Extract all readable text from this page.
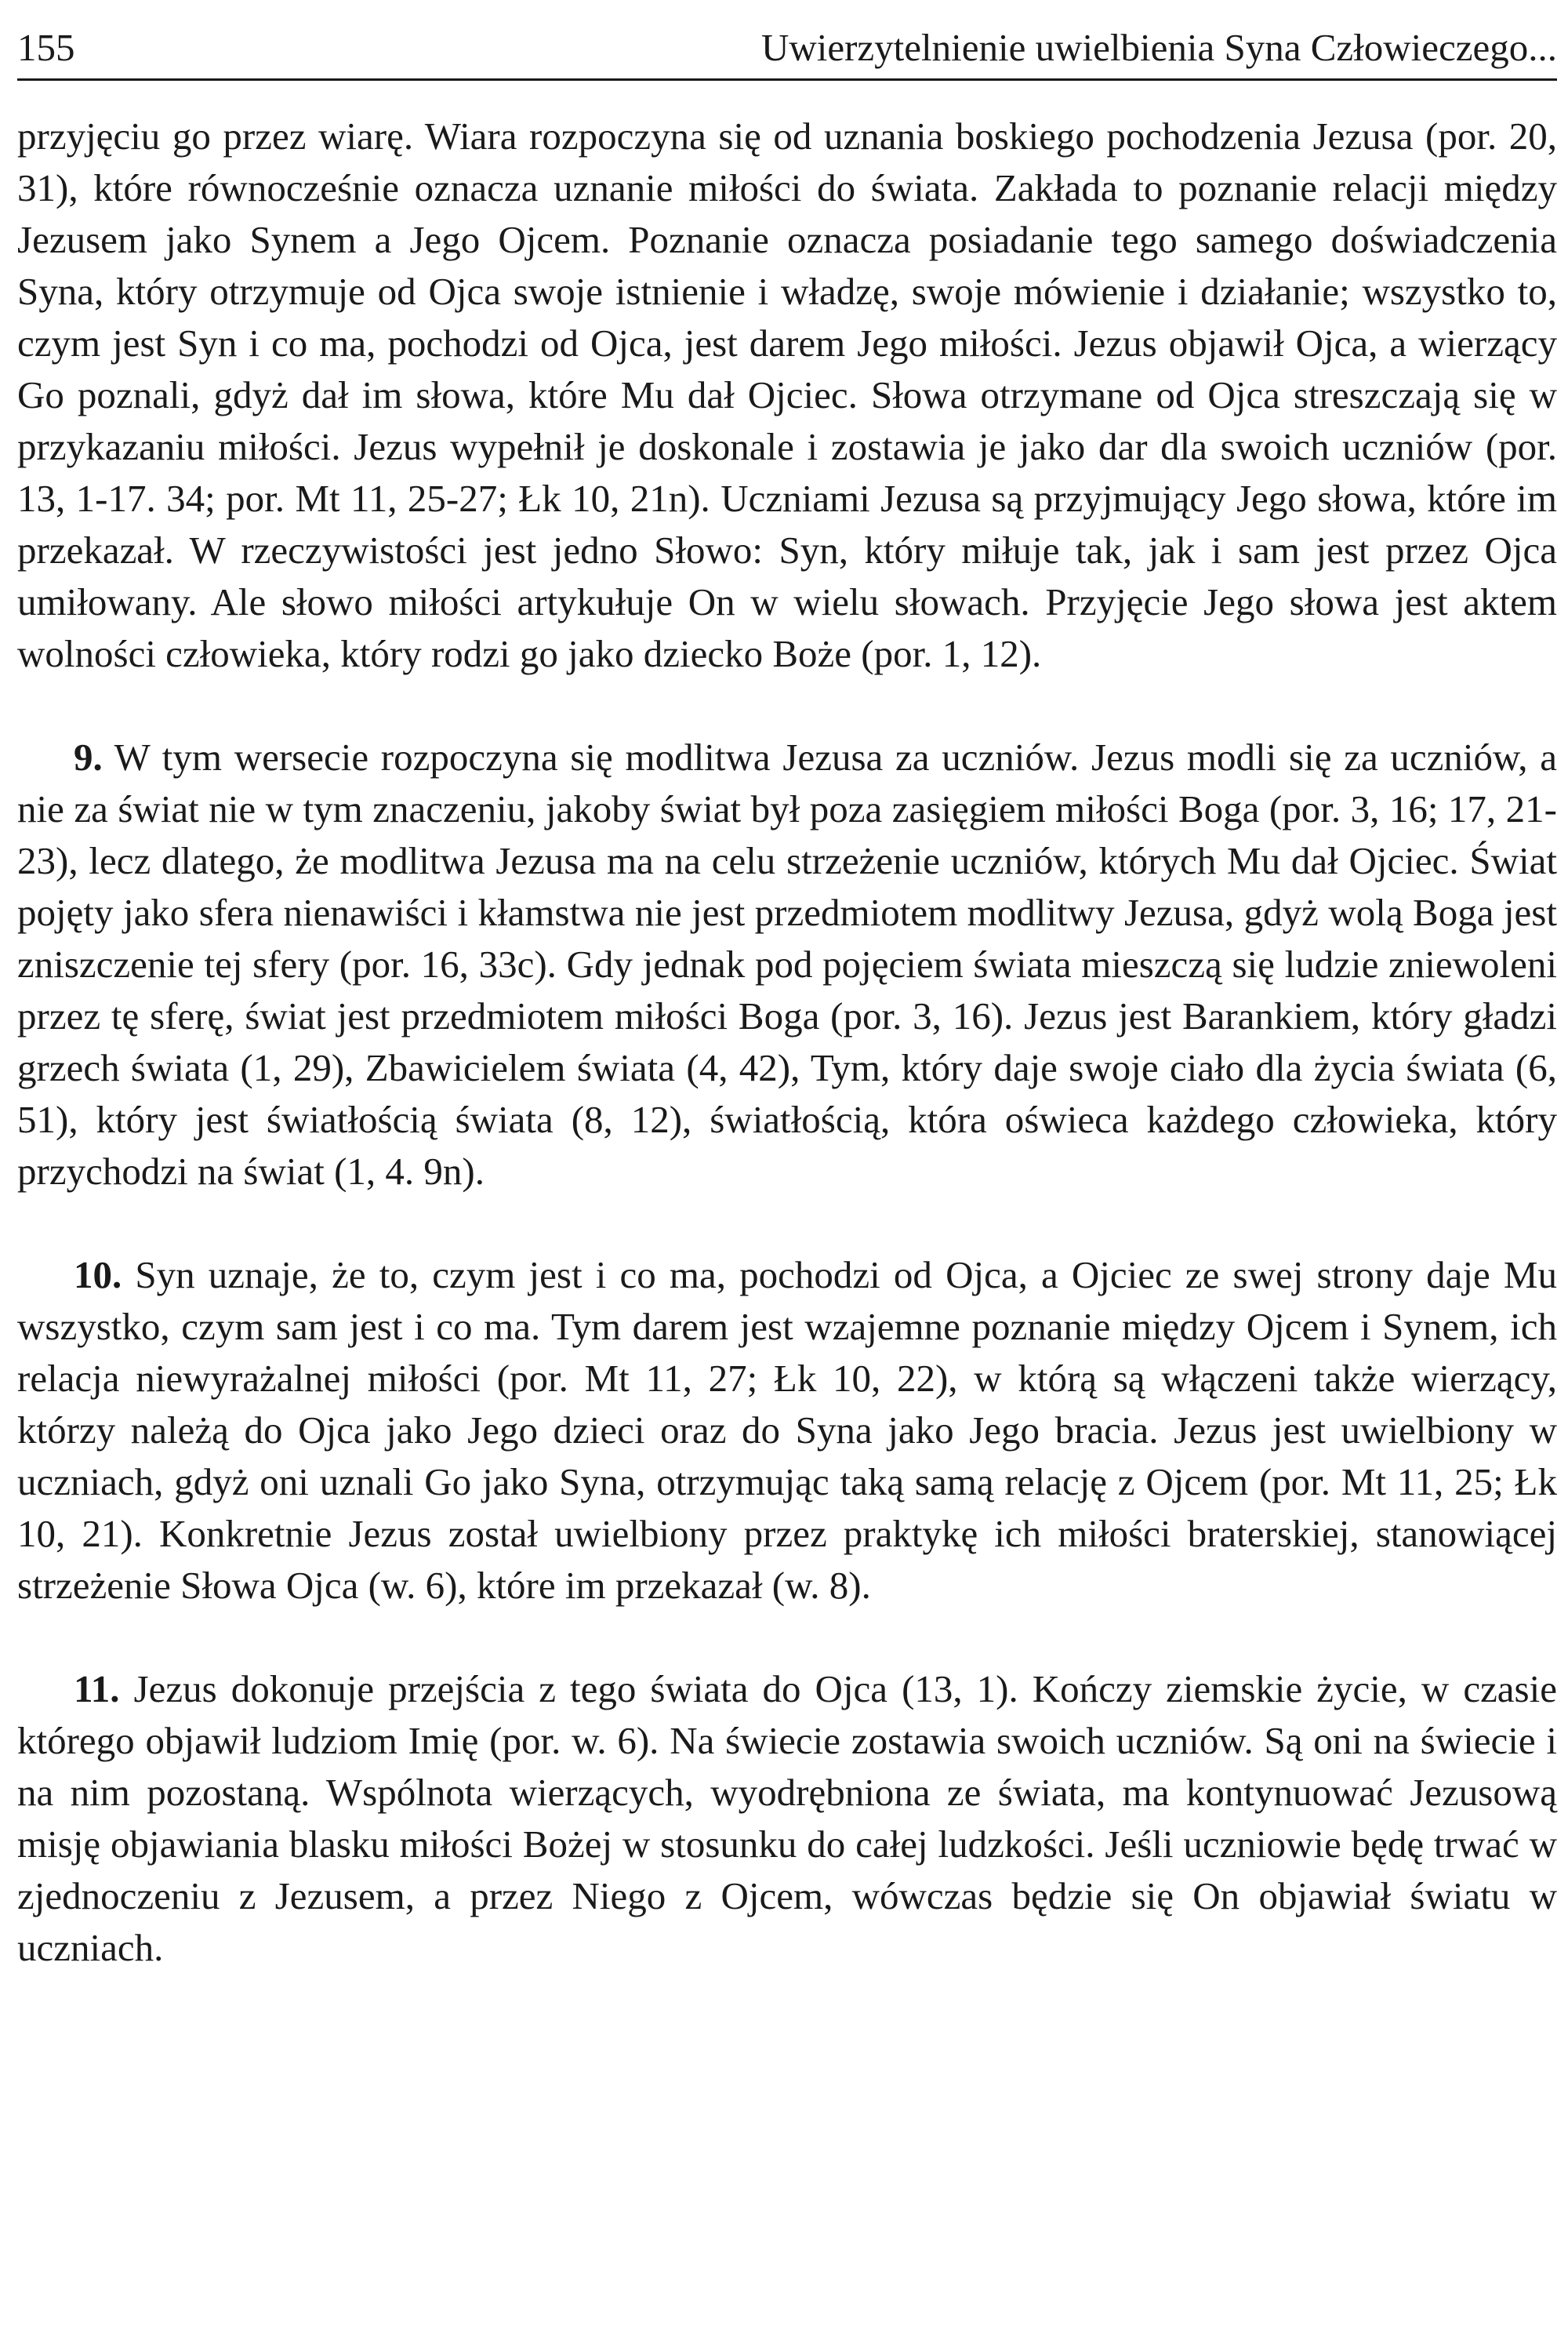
155	Uwierzytelnienie uwielbienia Syna Człowieczego...

przyjęciu go przez wiarę. Wiara rozpoczyna się od uznania boskiego pochodzenia Jezusa (por. 20, 31), które równocześnie oznacza uznanie miłości do świata. Zakłada to poznanie relacji między Jezusem jako Synem a Jego Ojcem. Poznanie oznacza posiadanie tego samego doświadczenia Syna, który otrzymuje od Ojca swoje istnienie i władzę, swoje mówienie i działanie; wszystko to, czym jest Syn i co ma, pochodzi od Ojca, jest darem Jego miłości. Jezus objawił Ojca, a wierzący Go poznali, gdyż dał im słowa, które Mu dał Ojciec. Słowa otrzymane od Ojca streszczają się w przykazaniu miłości. Jezus wypełnił je doskonale i zostawia je jako dar dla swoich uczniów (por. 13, 1-17. 34; por. Mt 11, 25-27; Łk 10, 21n). Uczniami Jezusa są przyjmujący Jego słowa, które im przekazał. W rzeczywistości jest jedno Słowo: Syn, który miłuje tak, jak i sam jest przez Ojca umiłowany. Ale słowo miłości artykułuje On w wielu słowach. Przyjęcie Jego słowa jest aktem wolności człowieka, który rodzi go jako dziecko Boże (por. 1, 12).

9. W tym wersecie rozpoczyna się modlitwa Jezusa za uczniów. Jezus modli się za uczniów, a nie za świat nie w tym znaczeniu, jakoby świat był poza zasięgiem miłości Boga (por. 3, 16; 17, 21-23), lecz dlatego, że modlitwa Jezusa ma na celu strzeżenie uczniów, których Mu dał Ojciec. Świat pojęty jako sfera nienawiści i kłamstwa nie jest przedmiotem modlitwy Jezusa, gdyż wolą Boga jest zniszczenie tej sfery (por. 16, 33c). Gdy jednak pod pojęciem świata mieszczą się ludzie zniewoleni przez tę sferę, świat jest przedmiotem miłości Boga (por. 3, 16). Jezus jest Barankiem, który gładzi grzech świata (1, 29), Zbawicielem świata (4, 42), Tym, który daje swoje ciało dla życia świata (6, 51), który jest światłością świata (8, 12), światłością, która oświeca każdego człowieka, który przychodzi na świat (1, 4. 9n).

10. Syn uznaje, że to, czym jest i co ma, pochodzi od Ojca, a Ojciec ze swej strony daje Mu wszystko, czym sam jest i co ma. Tym darem jest wzajemne poznanie między Ojcem i Synem, ich relacja niewyrażalnej miłości (por. Mt 11, 27; Łk 10, 22), w którą są włączeni także wierzący, którzy należą do Ojca jako Jego dzieci oraz do Syna jako Jego bracia. Jezus jest uwielbiony w uczniach, gdyż oni uznali Go jako Syna, otrzymując taką samą relację z Ojcem (por. Mt 11, 25; Łk 10, 21). Konkretnie Jezus został uwielbiony przez praktykę ich miłości braterskiej, stanowiącej strzeżenie Słowa Ojca (w. 6), które im przekazał (w. 8).

11. Jezus dokonuje przejścia z tego świata do Ojca (13, 1). Kończy ziemskie życie, w czasie którego objawił ludziom Imię (por. w. 6). Na świecie zostawia swoich uczniów. Są oni na świecie i na nim pozostaną. Wspólnota wierzących, wyodrębniona ze świata, ma kontynuować Jezusową misję objawiania blasku miłości Bożej w stosunku do całej ludzkości. Jeśli uczniowie będę trwać w zjednoczeniu z Jezusem, a przez Niego z Ojcem, wówczas będzie się On objawiał światu w uczniach.
